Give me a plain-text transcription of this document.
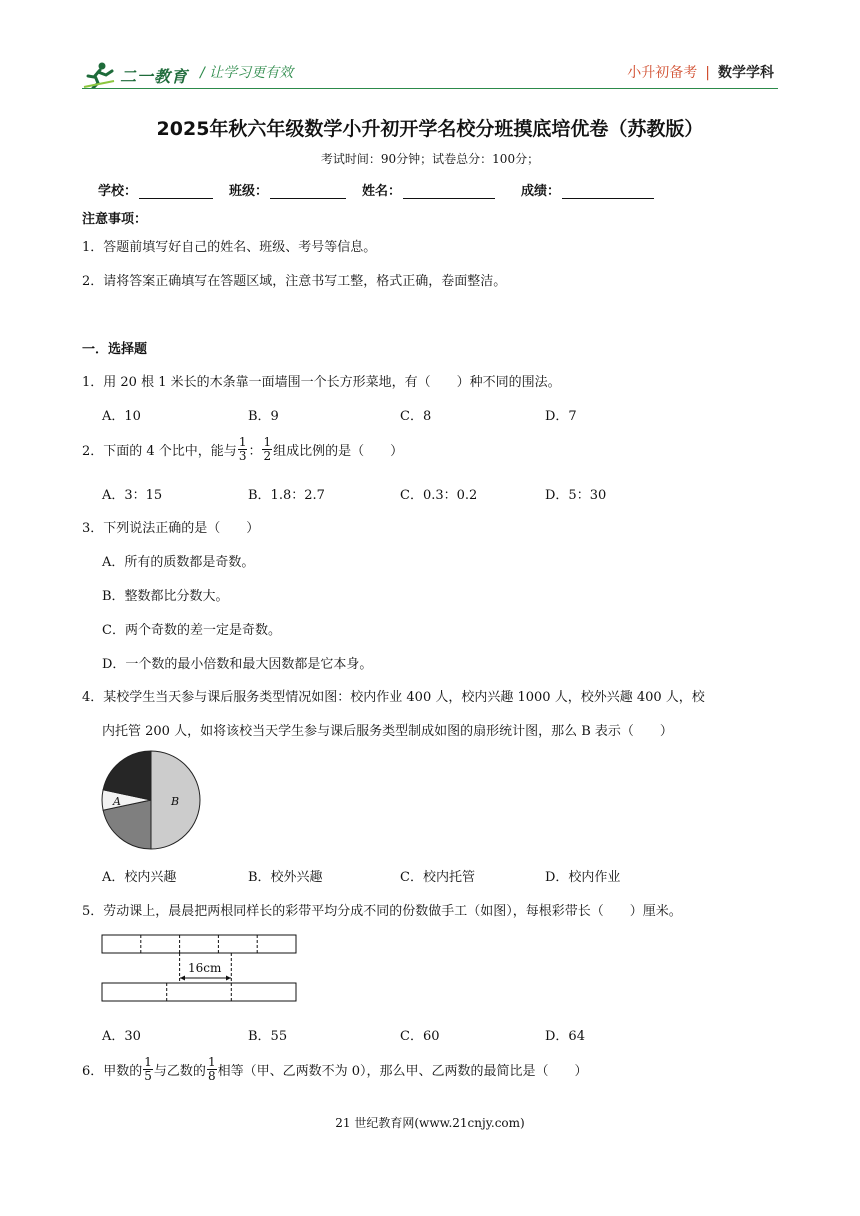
二一教育 / 让学习更有效	小升初备考 | 数学学科
2025年秋六年级数学小升初开学名校分班摸底培优卷（苏教版）
考试时间：90分钟；试卷总分：100分；
学校：	班级：	姓名：	成绩：
注意事项：
1．答题前填写好自己的姓名、班级、考号等信息。
2．请将答案正确填写在答题区域，注意书写工整，格式正确，卷面整洁。
一．选择题
1．用 20 根 1 米长的木条靠一面墙围一个长方形菜地，有（　　）种不同的围法。
A．10	B．9	C．8	D．7
2．下面的 4 个比中，能与 $\frac{1}{3}$ ： $\frac{1}{2}$ 组成比例的是（　　）
A．3：15	B．1.8：2.7	C．0.3：0.2	D．5：30
3．下列说法正确的是（　　）
A．所有的质数都是奇数。
B．整数都比分数大。
C．两个奇数的差一定是奇数。
D．一个数的最小倍数和最大因数都是它本身。
4．某校学生当天参与课后服务类型情况如图：校内作业 400 人，校内兴趣 1000 人，校外兴趣 400 人，校
内托管 200 人，如将该校当天学生参与课后服务类型制成如图的扇形统计图，那么 B 表示（　　）
A	B
A．校内兴趣	B．校外兴趣	C．校内托管	D．校内作业
5．劳动课上，晨晨把两根同样长的彩带平均分成不同的份数做手工（如图），每根彩带长（　　）厘米。
16cm
A．30	B．55	C．60	D．64
6．甲数的 $\frac{1}{5}$ 与乙数的 $\frac{1}{8}$ 相等（甲、乙两数不为 0），那么甲、乙两数的最简比是（　　）
21 世纪教育网(www.21cnjy.com)
